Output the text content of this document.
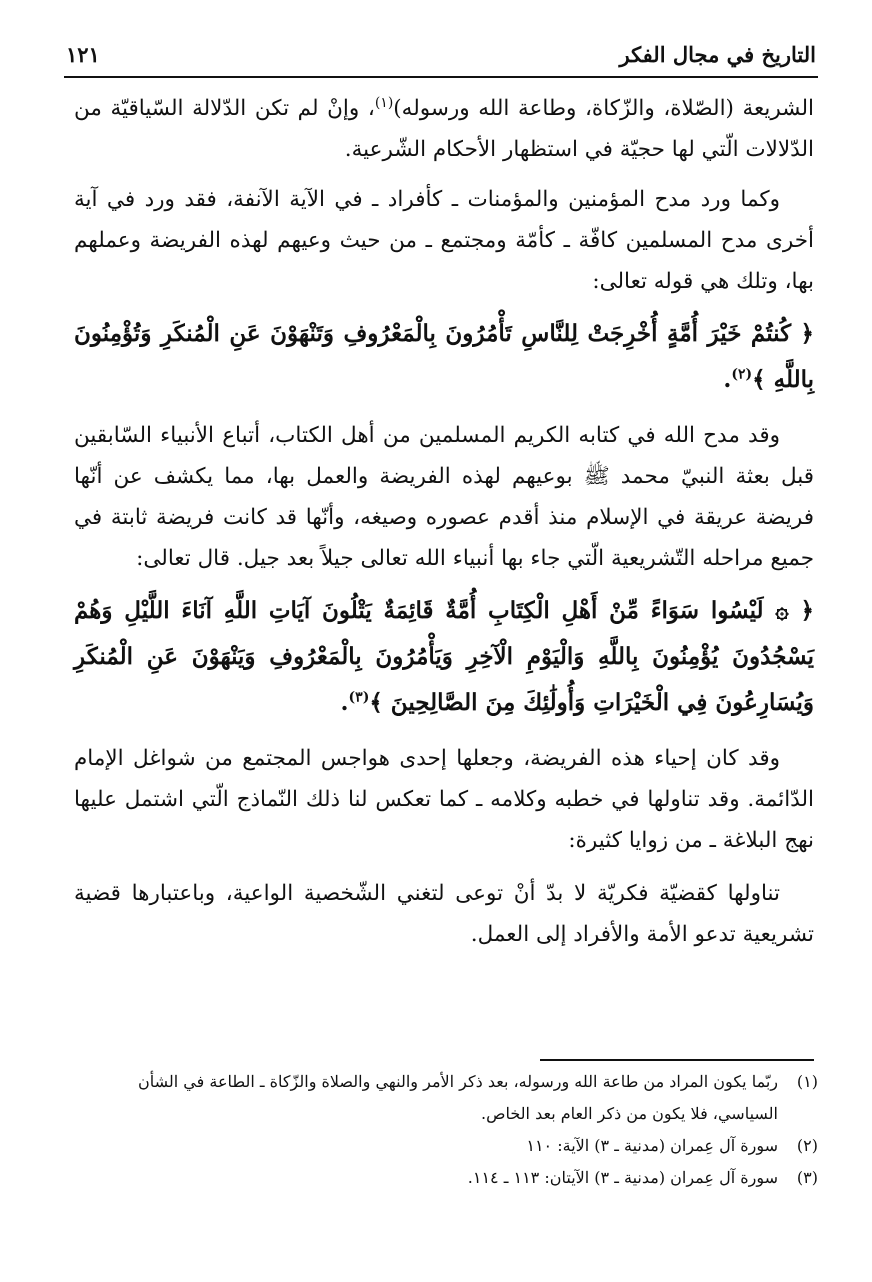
التاريخ في مجال الفكر
١٢١

الشريعة (الصّلاة، والزّكاة، وطاعة الله ورسوله)$^{(١)}$، وإنْ لم تكن الدّلالة السّياقيّة من الدّلالات الّتي لها حجيّة في استظهار الأحكام الشّرعية.

وكما ورد مدح المؤمنين والمؤمنات ـ كأفراد ـ في الآية الآنفة، فقد ورد في آية أخرى مدح المسلمين كافّة ـ كأمّة ومجتمع ـ من حيث وعيهم لهذه الفريضة وعملهم بها، وتلك هي قوله تعالى:

﴿ كُنتُمْ خَيْرَ أُمَّةٍ أُخْرِجَتْ لِلنَّاسِ تَأْمُرُونَ بِالْمَعْرُوفِ وَتَنْهَوْنَ عَنِ الْمُنكَرِ وَتُؤْمِنُونَ بِاللَّهِ ﴾$^{(٢)}$.

وقد مدح الله في كتابه الكريم المسلمين من أهل الكتاب، أتباع الأنبياء السّابقين قبل بعثة النبيّ محمد ﷺ بوعيهم لهذه الفريضة والعمل بها، مما يكشف عن أنّها فريضة عريقة في الإسلام منذ أقدم عصوره وصيغه، وأنّها قد كانت فريضة ثابتة في جميع مراحله التّشريعية الّتي جاء بها أنبياء الله تعالى جيلاً بعد جيل. قال تعالى:

﴿ ۞ لَيْسُوا سَوَاءً مِّنْ أَهْلِ الْكِتَابِ أُمَّةٌ قَائِمَةٌ يَتْلُونَ آيَاتِ اللَّهِ آنَاءَ اللَّيْلِ وَهُمْ يَسْجُدُونَ يُؤْمِنُونَ بِاللَّهِ وَالْيَوْمِ الْآخِرِ وَيَأْمُرُونَ بِالْمَعْرُوفِ وَيَنْهَوْنَ عَنِ الْمُنكَرِ وَيُسَارِعُونَ فِي الْخَيْرَاتِ وَأُولَٰئِكَ مِنَ الصَّالِحِينَ ﴾$^{(٣)}$.

وقد كان إحياء هذه الفريضة، وجعلها إحدى هواجس المجتمع من شواغل الإمام الدّائمة. وقد تناولها في خطبه وكلامه ـ كما تعكس لنا ذلك النّماذج الّتي اشتمل عليها نهج البلاغة ـ من زوايا كثيرة:

تناولها كقضيّة فكريّة لا بدّ أنْ توعى لتغني الشّخصية الواعية، وباعتبارها قضية تشريعية تدعو الأمة والأفراد إلى العمل.

(١)
ربّما يكون المراد من طاعة الله ورسوله، بعد ذكر الأمر والنهي والصلاة والزّكاة ـ الطاعة في الشأن السياسي، فلا يكون من ذكر العام بعد الخاص.

(٢)
سورة آل عِمران (مدنية ـ ٣) الآية: ١١٠

(٣)
سورة آل عِمران (مدنية ـ ٣) الآيتان: ١١٣ ـ ١١٤.
